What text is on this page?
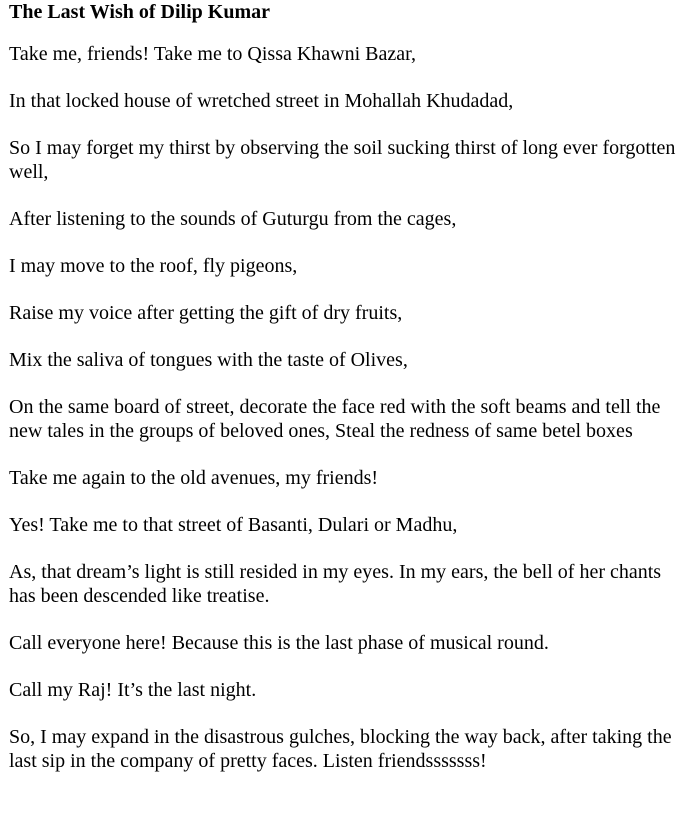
The Last Wish of Dilip Kumar

Take me, friends! Take me to Qissa Khawni Bazar,

In that locked house of wretched street in Mohallah Khudadad,

So I may forget my thirst by observing the soil sucking thirst of long ever forgotten well,

After listening to the sounds of Guturgu from the cages,

I may move to the roof, fly pigeons,

Raise my voice after getting the gift of dry fruits,

Mix the saliva of tongues with the taste of Olives,

On the same board of street, decorate the face red with the soft beams and tell the new tales in the groups of beloved ones, Steal the redness of same betel boxes

Take me again to the old avenues, my friends!

Yes! Take me to that street of Basanti, Dulari or Madhu,

As, that dream’s light is still resided in my eyes. In my ears, the bell of her chants has been descended like treatise.

Call everyone here! Because this is the last phase of musical round.

Call my Raj! It’s the last night.

So, I may expand in the disastrous gulches, blocking the way back, after taking the last sip in the company of pretty faces. Listen friendsssssss!
